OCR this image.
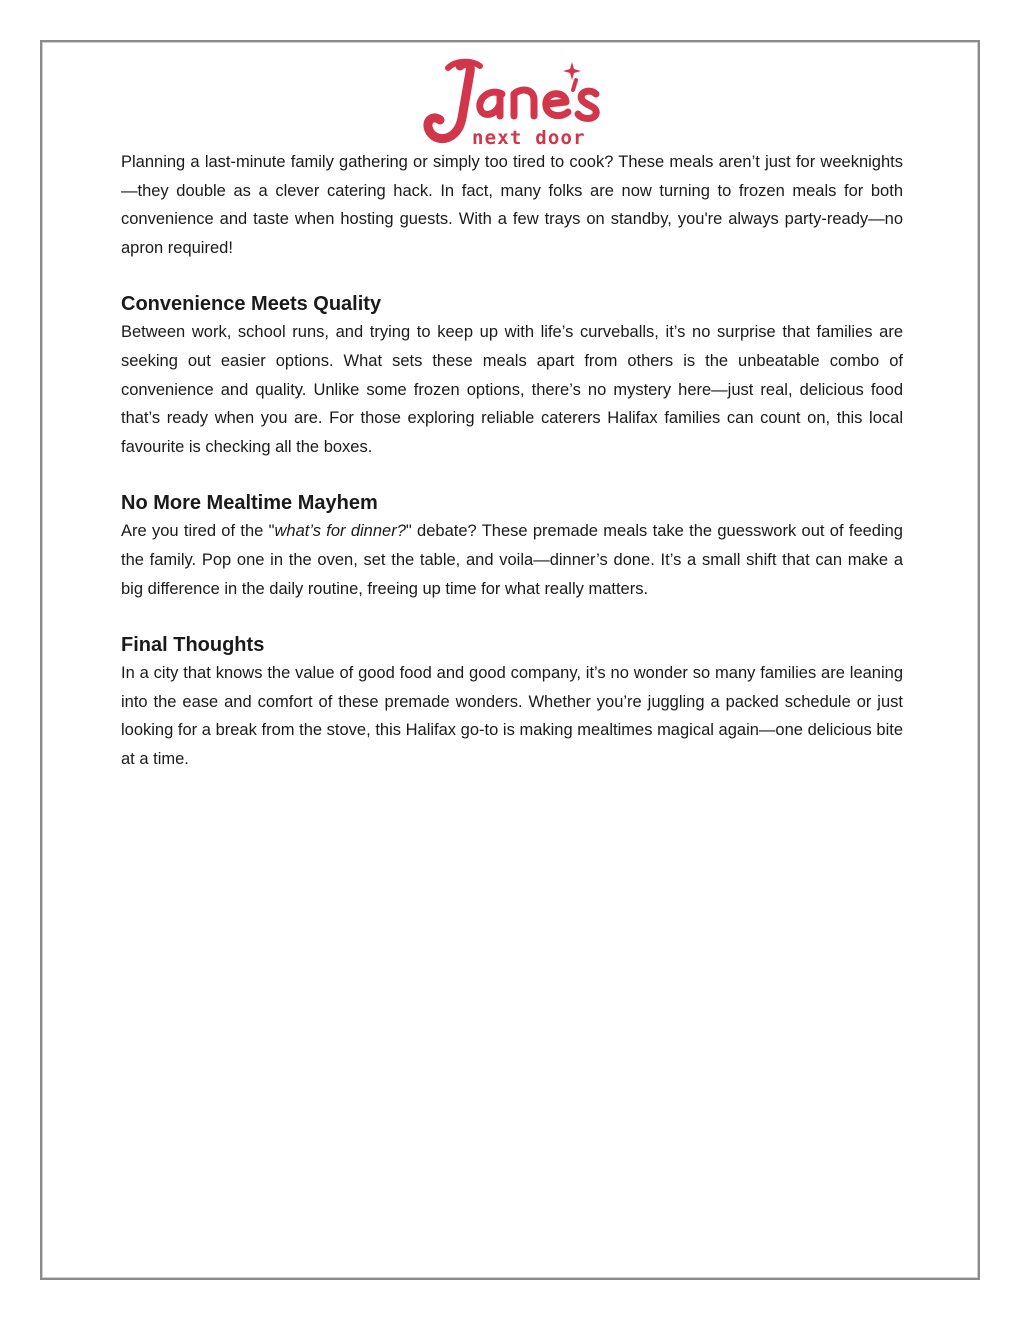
next door

Planning a last-minute family gathering or simply too tired to cook? These meals aren’t just for weeknights—they double as a clever catering hack. In fact, many folks are now turning to frozen meals for both convenience and taste when hosting guests. With a few trays on standby, you're always party-ready—no apron required!

Convenience Meets Quality

Between work, school runs, and trying to keep up with life’s curveballs, it’s no surprise that families are seeking out easier options. What sets these meals apart from others is the unbeatable combo of convenience and quality. Unlike some frozen options, there’s no mystery here—just real, delicious food that’s ready when you are. For those exploring reliable caterers Halifax families can count on, this local favourite is checking all the boxes.

No More Mealtime Mayhem

Are you tired of the "what’s for dinner?" debate? These premade meals take the guesswork out of feeding the family. Pop one in the oven, set the table, and voila—dinner’s done. It’s a small shift that can make a big difference in the daily routine, freeing up time for what really matters.

Final Thoughts

In a city that knows the value of good food and good company, it’s no wonder so many families are leaning into the ease and comfort of these premade wonders. Whether you’re juggling a packed schedule or just looking for a break from the stove, this Halifax go-to is making mealtimes magical again—one delicious bite at a time.
